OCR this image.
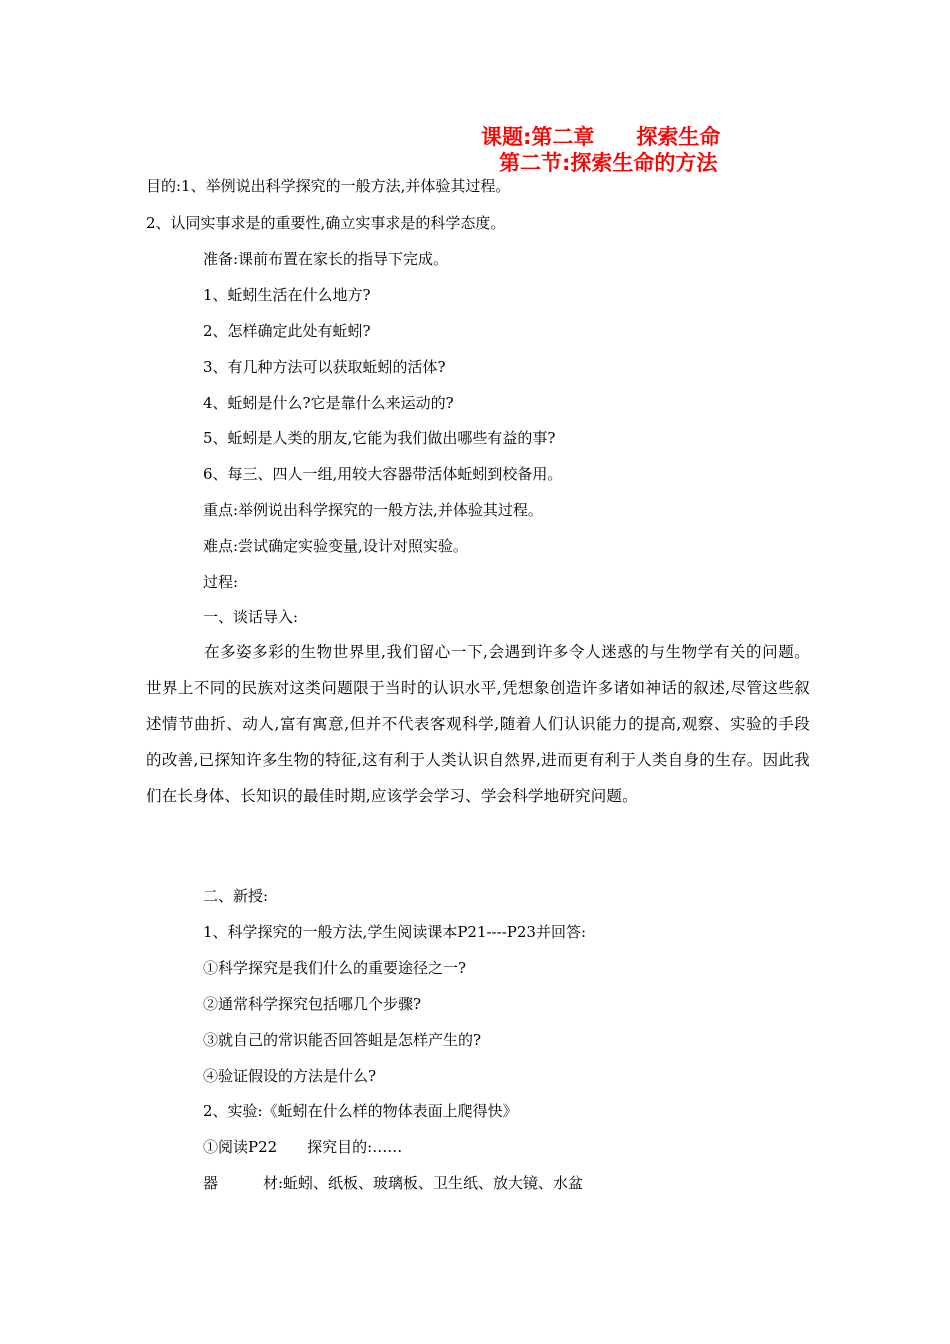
课题:第二章　　探索生命
第二节:探索生命的方法
目的:1、举例说出科学探究的一般方法,并体验其过程。
2、认同实事求是的重要性,确立实事求是的科学态度。
准备:课前布置在家长的指导下完成。
1、蚯蚓生活在什么地方?
2、怎样确定此处有蚯蚓?
3、有几种方法可以获取蚯蚓的活体?
4、蚯蚓是什么?它是靠什么来运动的?
5、蚯蚓是人类的朋友,它能为我们做出哪些有益的事?
6、每三、四人一组,用较大容器带活体蚯蚓到校备用。
重点:举例说出科学探究的一般方法,并体验其过程。
难点:尝试确定实验变量,设计对照实验。
过程:
一、谈话导入:
在多姿多彩的生物世界里,我们留心一下,会遇到许多令人迷惑的与生物学有关的问题。世界上不同的民族对这类问题限于当时的认识水平,凭想象创造许多诸如神话的叙述,尽管这些叙述情节曲折、动人,富有寓意,但并不代表客观科学,随着人们认识能力的提高,观察、实验的手段的改善,已探知许多生物的特征,这有利于人类认识自然界,进而更有利于人类自身的生存。因此我们在长身体、长知识的最佳时期,应该学会学习、学会科学地研究问题。
二、新授:
1、科学探究的一般方法,学生阅读课本P21----P23并回答:
①科学探究是我们什么的重要途径之一?
②通常科学探究包括哪几个步骤?
③就自己的常识能否回答蛆是怎样产生的?
④验证假设的方法是什么?
2、实验:《蚯蚓在什么样的物体表面上爬得快》
①阅读P22　　探究目的:……
器　　　材:蚯蚓、纸板、玻璃板、卫生纸、放大镜、水盆
